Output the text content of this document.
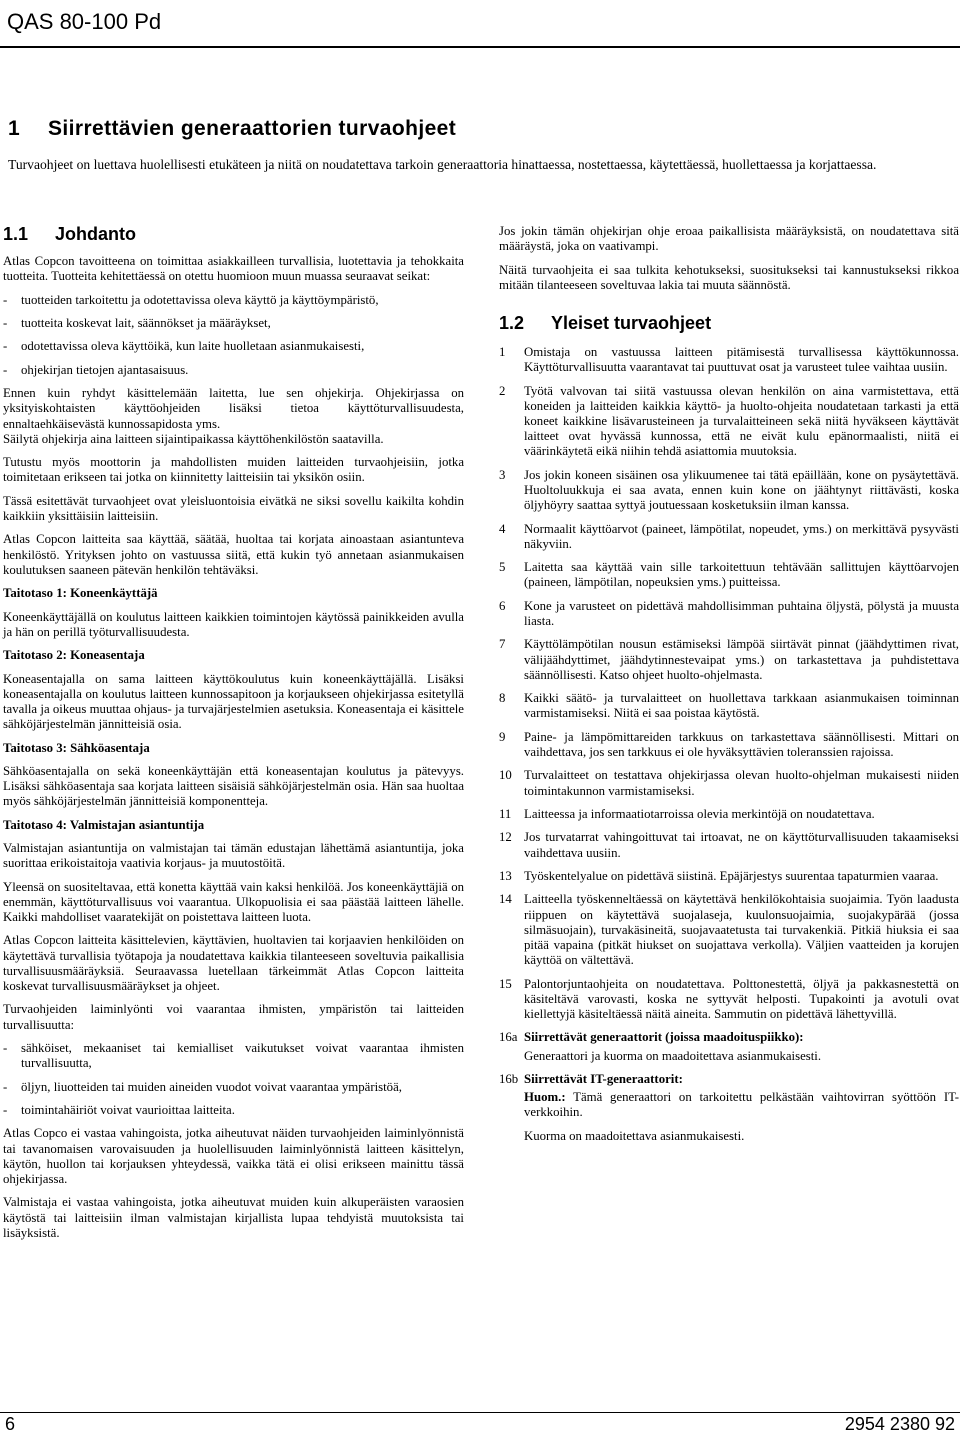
QAS 80-100 Pd
1 Siirrettävien generaattorien turvaohjeet
Turvaohjeet on luettava huolellisesti etukäteen ja niitä on noudatettava tarkoin generaattoria hinattaessa, nostettaessa, käytettäessä, huollettaessa ja korjattaessa.
1.1 Johdanto

Atlas Copcon tavoitteena on toimittaa asiakkailleen turvallisia, luotettavia ja tehokkaita tuotteita. Tuotteita kehitettäessä on otettu huomioon muun muassa seuraavat seikat:

-	tuotteiden tarkoitettu ja odotettavissa oleva käyttö ja käyttöympäristö,
-	tuotteita koskevat lait, säännökset ja määräykset,
-	odotettavissa oleva käyttöikä, kun laite huolletaan asianmukaisesti,
-	ohjekirjan tietojen ajantasaisuus.

Ennen kuin ryhdyt käsittelemään laitetta, lue sen ohjekirja. Ohjekirjassa on yksityiskohtaisten käyttöohjeiden lisäksi tietoa käyttöturvallisuudesta, ennaltaehkäisevästä kunnossapidosta yms.

Säilytä ohjekirja aina laitteen sijaintipaikassa käyttöhenkilöstön saatavilla.

Tutustu myös moottorin ja mahdollisten muiden laitteiden turvaohjeisiin, jotka toimitetaan erikseen tai jotka on kiinnitetty laitteisiin tai yksikön osiin.

Tässä esitettävät turvaohjeet ovat yleisluontoisia eivätkä ne siksi sovellu kaikilta kohdin kaikkiin yksittäisiin laitteisiin.

Atlas Copcon laitteita saa käyttää, säätää, huoltaa tai korjata ainoastaan asiantunteva henkilöstö. Yrityksen johto on vastuussa siitä, että kukin työ annetaan asianmukaisen koulutuksen saaneen pätevän henkilön tehtäväksi.

Taitotaso 1: Koneenkäyttäjä

Koneenkäyttäjällä on koulutus laitteen kaikkien toimintojen käytössä painikkeiden avulla ja hän on perillä työturvallisuudesta.

Taitotaso 2: Koneasentaja

Koneasentajalla on sama laitteen käyttökoulutus kuin koneenkäyttäjällä. Lisäksi koneasentajalla on koulutus laitteen kunnossapitoon ja korjaukseen ohjekirjassa esitetyllä tavalla ja oikeus muuttaa ohjaus- ja turvajärjestelmien asetuksia. Koneasentaja ei käsittele sähköjärjestelmän jännitteisiä osia.

Taitotaso 3: Sähköasentaja

Sähköasentajalla on sekä koneenkäyttäjän että koneasentajan koulutus ja pätevyys. Lisäksi sähköasentaja saa korjata laitteen sisäisiä sähköjärjestelmän osia. Hän saa huoltaa myös sähköjärjestelmän jännitteisiä komponentteja.

Taitotaso 4: Valmistajan asiantuntija

Valmistajan asiantuntija on valmistajan tai tämän edustajan lähettämä asiantuntija, joka suorittaa erikoistaitoja vaativia korjaus- ja muutostöitä.

Yleensä on suositeltavaa, että konetta käyttää vain kaksi henkilöä. Jos koneenkäyttäjiä on enemmän, käyttöturvallisuus voi vaarantua. Ulkopuolisia ei saa päästää laitteen lähelle. Kaikki mahdolliset vaaratekijät on poistettava laitteen luota.

Atlas Copcon laitteita käsittelevien, käyttävien, huoltavien tai korjaavien henkilöiden on käytettävä turvallisia työtapoja ja noudatettava kaikkia tilanteeseen soveltuvia paikallisia turvallisuusmääräyksiä. Seuraavassa luetellaan tärkeimmät Atlas Copcon laitteita koskevat turvallisuusmääräykset ja ohjeet.

Turvaohjeiden laiminlyönti voi vaarantaa ihmisten, ympäristön tai laitteiden turvallisuutta:

-	sähköiset, mekaaniset tai kemialliset vaikutukset voivat vaarantaa ihmisten turvallisuutta,
-	öljyn, liuotteiden tai muiden aineiden vuodot voivat vaarantaa ympäristöä,
-	toimintahäiriöt voivat vaurioittaa laitteita.

Atlas Copco ei vastaa vahingoista, jotka aiheutuvat näiden turvaohjeiden laiminlyönnistä tai tavanomaisen varovaisuuden ja huolellisuuden laiminlyönnistä laitteen käsittelyn, käytön, huollon tai korjauksen yhteydessä, vaikka tätä ei olisi erikseen mainittu tässä ohjekirjassa.

Valmistaja ei vastaa vahingoista, jotka aiheutuvat muiden kuin alkuperäisten varaosien käytöstä tai laitteisiin ilman valmistajan kirjallista lupaa tehdyistä muutoksista tai lisäyksistä.

Jos jokin tämän ohjekirjan ohje eroaa paikallisista määräyksistä, on noudatettava sitä määräystä, joka on vaativampi.

Näitä turvaohjeita ei saa tulkita kehotukseksi, suositukseksi tai kannustukseksi rikkoa mitään tilanteeseen soveltuvaa lakia tai muuta säännöstä.

1.2 Yleiset turvaohjeet
1	Omistaja on vastuussa laitteen pitämisestä turvallisessa käyttökunnossa. Käyttöturvallisuutta vaarantavat tai puuttuvat osat ja varusteet tulee vaihtaa uusiin.
2	Työtä valvovan tai siitä vastuussa olevan henkilön on aina varmistettava, että koneiden ja laitteiden kaikkia käyttö- ja huolto-ohjeita noudatetaan tarkasti ja että koneet kaikkine lisävarusteineen ja turvalaitteineen sekä niitä hyväkseen käyttävät laitteet ovat hyvässä kunnossa, että ne eivät kulu epänormaalisti, niitä ei väärinkäytetä eikä niihin tehdä asiattomia muutoksia.
3	Jos jokin koneen sisäinen osa ylikuumenee tai tätä epäillään, kone on pysäytettävä. Huoltoluukkuja ei saa avata, ennen kuin kone on jäähtynyt riittävästi, koska öljyhöyry saattaa syttyä joutuessaan kosketuksiin ilman kanssa.
4	Normaalit käyttöarvot (paineet, lämpötilat, nopeudet, yms.) on merkittävä pysyvästi näkyviin.
5	Laitetta saa käyttää vain sille tarkoitettuun tehtävään sallittujen käyttöarvojen (paineen, lämpötilan, nopeuksien yms.) puitteissa.
6	Kone ja varusteet on pidettävä mahdollisimman puhtaina öljystä, pölystä ja muusta liasta.
7	Käyttölämpötilan nousun estämiseksi lämpöä siirtävät pinnat (jäähdyttimen rivat, välijäähdyttimet, jäähdytinnestevaipat yms.) on tarkastettava ja puhdistettava säännöllisesti. Katso ohjeet huolto-ohjelmasta.
8	Kaikki säätö- ja turvalaitteet on huollettava tarkkaan asianmukaisen toiminnan varmistamiseksi. Niitä ei saa poistaa käytöstä.
9	Paine- ja lämpömittareiden tarkkuus on tarkastettava säännöllisesti. Mittari on vaihdettava, jos sen tarkkuus ei ole hyväksyttävien toleranssien rajoissa.
10 Turvalaitteet on testattava ohjekirjassa olevan huolto-ohjelman mukaisesti niiden toimintakunnon varmistamiseksi.
11 Laitteessa ja informaatiotarroissa olevia merkintöjä on noudatettava.
12 Jos turvatarrat vahingoittuvat tai irtoavat, ne on käyttöturvallisuuden takaamiseksi vaihdettava uusiin.
13 Työskentelyalue on pidettävä siistinä. Epäjärjestys suurentaa tapaturmien vaaraa.
14 Laitteella työskenneltäessä on käytettävä henkilökohtaisia suojaimia. Työn laadusta riippuen on käytettävä suojalaseja, kuulonsuojaimia, suojakypärää (jossa silmäsuojain), turvakäsineitä, suojavaatetusta tai turvakenkiä. Pitkiä hiuksia ei saa pitää vapaina (pitkät hiukset on suojattava verkolla). Väljien vaatteiden ja korujen käyttöä on vältettävä.
15 Palontorjuntaohjeita on noudatettava. Polttonestettä, öljyä ja pakkasnestettä on käsiteltävä varovasti, koska ne syttyvät helposti. Tupakointi ja avotuli ovat kiellettyjä käsiteltäessä näitä aineita. Sammutin on pidettävä lähettyvillä.
16a Siirrettävät generaattorit (joissa maadoituspiikko):

Generaattori ja kuorma on maadoitettava asianmukaisesti.

16b Siirrettävät IT-generaattorit:

Huom.: Tämä generaattori on tarkoitettu pelkästään vaihtovirran syöttöön IT-verkkoihin.

Kuorma on maadoitettava asianmukaisesti.

6	2954 2380 92
